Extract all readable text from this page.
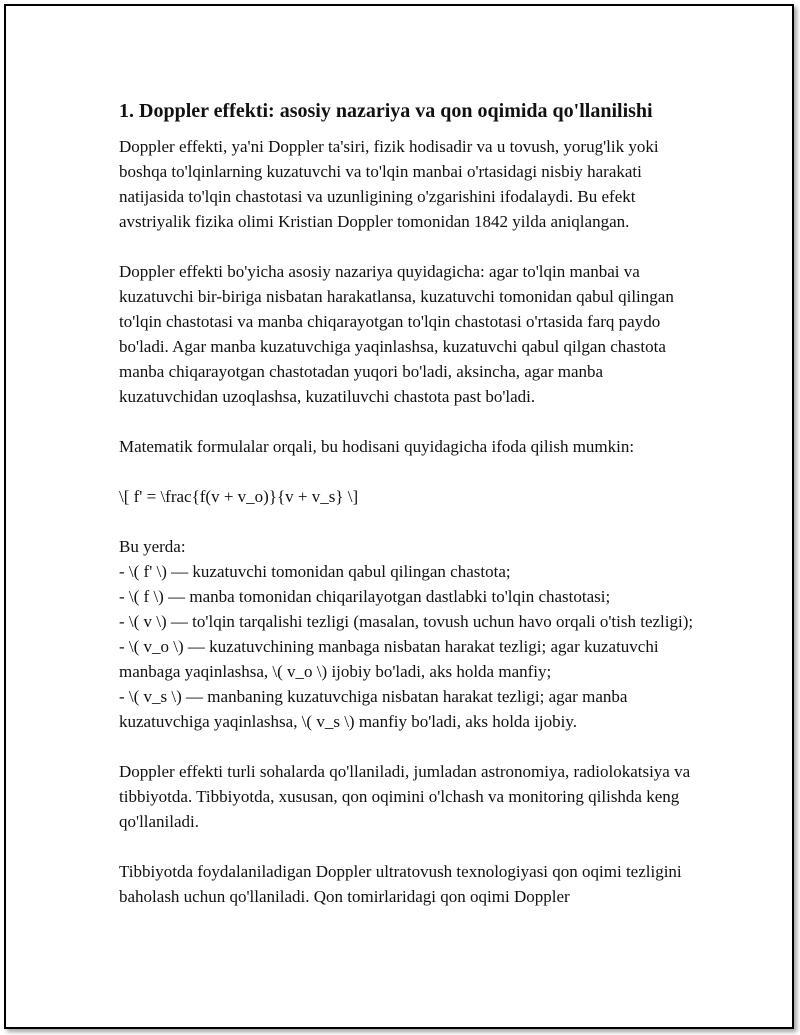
1. Doppler effekti: asosiy nazariya va qon oqimida qo'llanilishi

Doppler effekti, ya'ni Doppler ta'siri, fizik hodisadir va u tovush, yorug'lik yoki boshqa to'lqinlarning kuzatuvchi va to'lqin manbai o'rtasidagi nisbiy harakati natijasida to'lqin chastotasi va uzunligining o'zgarishini ifodalaydi. Bu efekt avstriyalik fizika olimi Kristian Doppler tomonidan 1842 yilda aniqlangan.

Doppler effekti bo'yicha asosiy nazariya quyidagicha: agar to'lqin manbai va kuzatuvchi bir-biriga nisbatan harakatlansa, kuzatuvchi tomonidan qabul qilingan to'lqin chastotasi va manba chiqarayotgan to'lqin chastotasi o'rtasida farq paydo bo'ladi. Agar manba kuzatuvchiga yaqinlashsa, kuzatuvchi qabul qilgan chastota manba chiqarayotgan chastotadan yuqori bo'ladi, aksincha, agar manba kuzatuvchidan uzoqlashsa, kuzatiluvchi chastota past bo'ladi.

Matematik formulalar orqali, bu hodisani quyidagicha ifoda qilish mumkin:

\[ f' = \frac{f(v + v_o)}{v + v_s} \]

Bu yerda:
- \( f' \) — kuzatuvchi tomonidan qabul qilingan chastota;
- \( f \) — manba tomonidan chiqarilayotgan dastlabki to'lqin chastotasi;
- \( v \) — to'lqin tarqalishi tezligi (masalan, tovush uchun havo orqali o'tish tezligi);
- \( v_o \) — kuzatuvchining manbaga nisbatan harakat tezligi; agar kuzatuvchi manbaga yaqinlashsa, \( v_o \) ijobiy bo'ladi, aks holda manfiy;
- \( v_s \) — manbaning kuzatuvchiga nisbatan harakat tezligi; agar manba kuzatuvchiga yaqinlashsa, \( v_s \) manfiy bo'ladi, aks holda ijobiy.

Doppler effekti turli sohalarda qo'llaniladi, jumladan astronomiya, radiolokatsiya va tibbiyotda. Tibbiyotda, xususan, qon oqimini o'lchash va monitoring qilishda keng qo'llaniladi.

Tibbiyotda foydalaniladigan Doppler ultratovush texnologiyasi qon oqimi tezligini baholash uchun qo'llaniladi. Qon tomirlaridagi qon oqimi Doppler
